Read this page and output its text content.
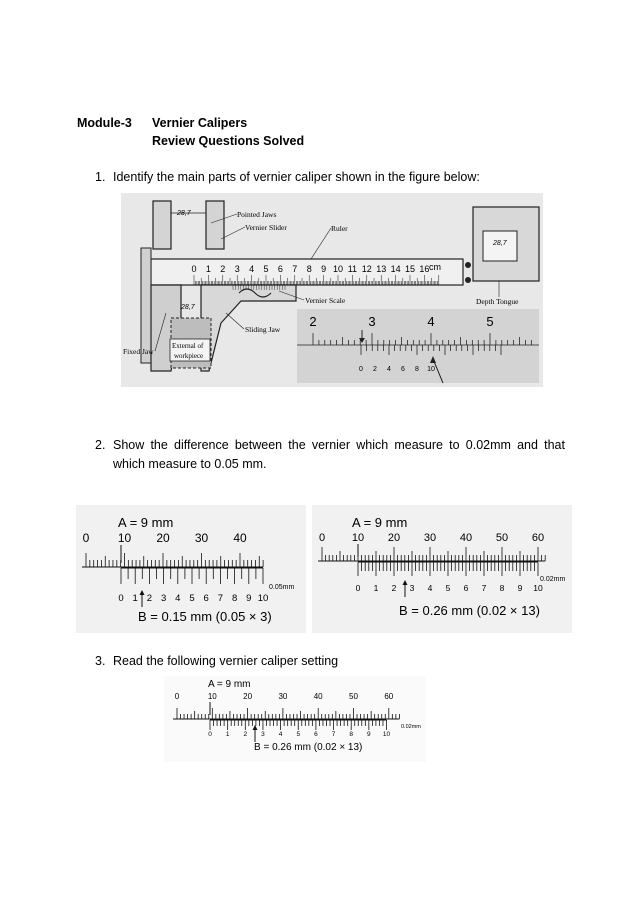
Module-3 Vernier Calipers
Review Questions Solved
1. Identify the main parts of vernier caliper shown in the figure below:
0 1 2 3 4 5 6 7 8 9 10 11 12 13 14 15 16 cm
28,7
28,7
28,7
Pointed Jaws
Vernier Slider	Ruler
Vernier Scale	Depth Tongue
Sliding Jaw
Fixed Jaw
External of
workpiece
2	3	4	5
0 2 4 6 8 10
2. Show the difference between the vernier which measure to 0.02mm and that
which measure to 0.05 mm.
0 10 20 30 40
0 1 2 3 4 5 6 7 8 9 10
0 10 20 30 40 50 60
0 1 2 3 4 5 6 7 8 9 10
A = 9 mm
0.05mm
B = 0.15 mm (0.05 × 3)
A = 9 mm
0.02mm
B = 0.26 mm (0.02 × 13)
3. Read the following vernier caliper setting
0	10	20	30	40	50	60
0 1 2 3 4 5 6 7 8 9 10
A = 9 mm
0.02mm
B = 0.26 mm (0.02 × 13)
